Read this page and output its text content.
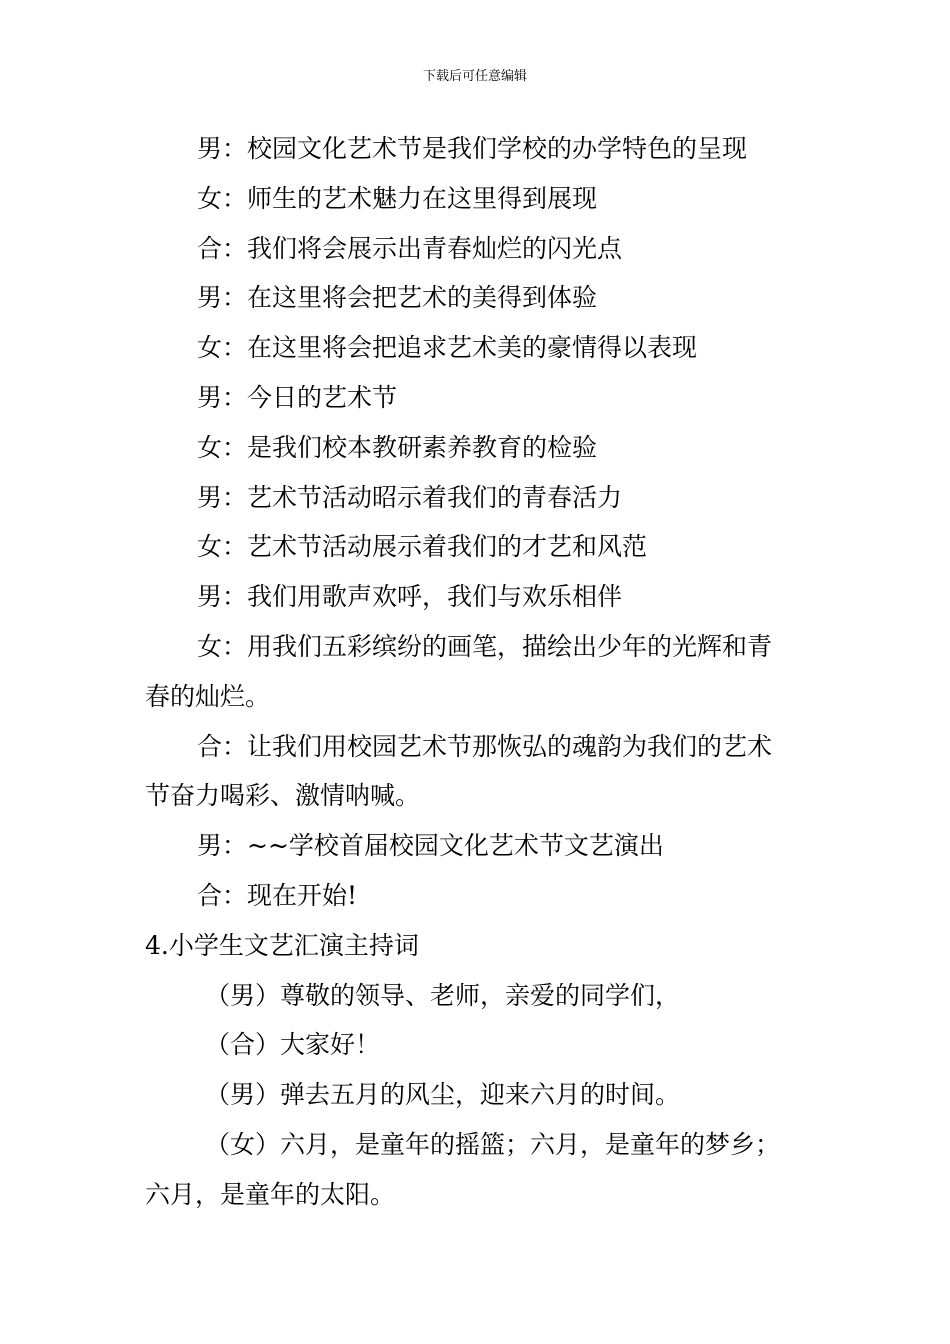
下载后可任意编辑
男：校园文化艺术节是我们学校的办学特色的呈现
女：师生的艺术魅力在这里得到展现
合：我们将会展示出青春灿烂的闪光点
男：在这里将会把艺术的美得到体验
女：在这里将会把追求艺术美的豪情得以表现
男：今日的艺术节
女：是我们校本教研素养教育的检验
男：艺术节活动昭示着我们的青春活力
女：艺术节活动展示着我们的才艺和风范
男：我们用歌声欢呼，我们与欢乐相伴
女：用我们五彩缤纷的画笔，描绘出少年的光辉和青
春的灿烂。
合：让我们用校园艺术节那恢弘的魂韵为我们的艺术
节奋力喝彩、激情呐喊。
男：~~学校首届校园文化艺术节文艺演出
合：现在开始!
4.小学生文艺汇演主持词
（男）尊敬的领导、老师，亲爱的同学们，
（合）大家好！
（男）弹去五月的风尘，迎来六月的时间。
（女）六月，是童年的摇篮；六月，是童年的梦乡；
六月，是童年的太阳。
